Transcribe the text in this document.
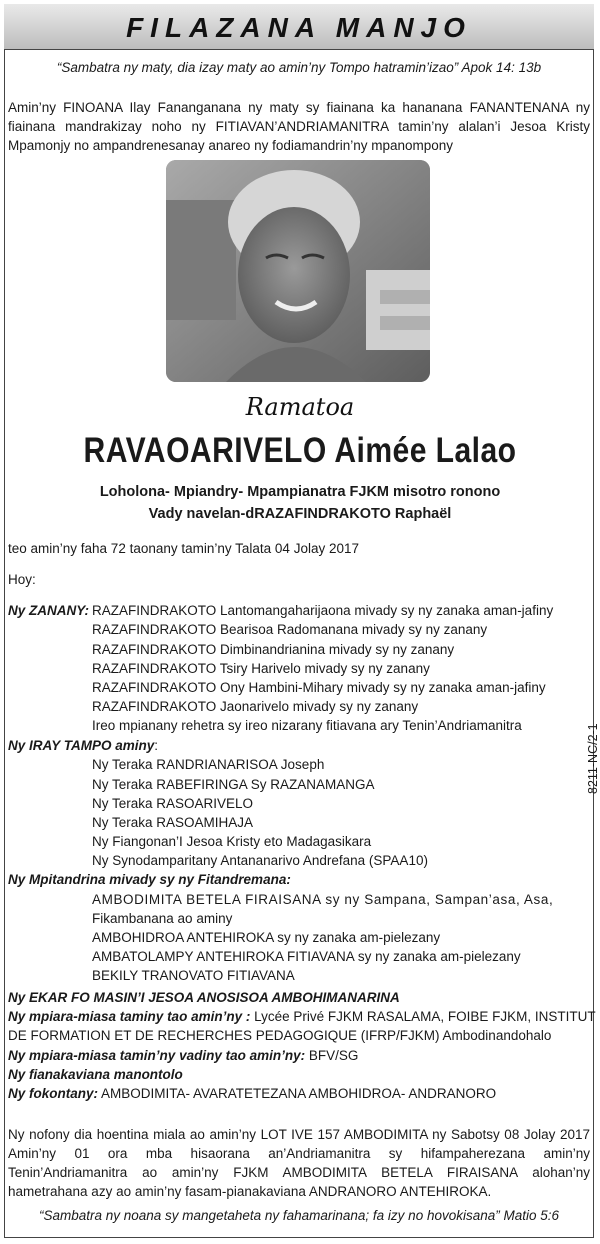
FILAZANA MANJO
“Sambatra ny maty, dia izay maty ao amin’ny Tompo hatramin’izao” Apok 14: 13b
Amin’ny FINOANA Ilay Fananganana ny maty sy fiainana ka hananana FANANTENANA ny fiainana mandrakizay noho ny FITIAVAN’ANDRIAMANITRA tamin’ny alalan’i Jesoa Kristy Mpamonjy no ampandrenesanay anareo ny fodiamandrin’ny mpanompony
Ramatoa
RAVAOARIVELO Aimée Lalao
Loholona- Mpiandry- Mpampianatra FJKM misotro ronono
Vady navelan-dRAZAFINDRAKOTO Raphaël
teo amin’ny faha 72 taonany tamin’ny Talata 04 Jolay 2017
Hoy:
Ny ZANANY: RAZAFINDRAKOTO Lantomangaharijaona mivady sy ny zanaka aman-jafiny
RAZAFINDRAKOTO Bearisoa Radomanana mivady sy ny zanany
RAZAFINDRAKOTO Dimbinandrianina mivady sy ny zanany
RAZAFINDRAKOTO Tsiry Harivelo mivady sy ny zanany
RAZAFINDRAKOTO Ony Hambini-Mihary mivady sy ny zanaka aman-jafiny
RAZAFINDRAKOTO Jaonarivelo mivady sy ny zanany
Ireo mpianany rehetra sy ireo nizarany fitiavana ary Tenin’Andriamanitra
Ny IRAY TAMPO aminy:
Ny Teraka RANDRIANARISOA Joseph
Ny Teraka RABEFIRINGA Sy RAZANAMANGA
Ny Teraka RASOARIVELO
Ny Teraka RASOAMIHAJA
Ny Fiangonan’I Jesoa Kristy eto Madagasikara
Ny Synodamparitany Antananarivo Andrefana (SPAA10)
Ny Mpitandrina mivady sy ny Fitandremana:
AMBODIMITA BETELA FIRAISANA sy ny Sampana, Sampan’asa, Asa,
Fikambanana ao aminy
AMBOHIDROA ANTEHIROKA sy ny zanaka am-pielezany
AMBATOLAMPY ANTEHIROKA FITIAVANA sy ny zanaka am-pielezany
BEKILY TRANOVATO FITIAVANA
Ny EKAR FO MASIN’I JESOA ANOSISOA AMBOHIMANARINA
Ny mpiara-miasa taminy tao amin’ny : Lycée Privé FJKM RASALAMA, FOIBE FJKM, INSTITUT
DE FORMATION ET DE RECHERCHES PEDAGOGIQUE (IFRP/FJKM) Ambodinandohalo
Ny mpiara-miasa tamin’ny vadiny tao amin’ny: BFV/SG
Ny fianakaviana manontolo
Ny fokontany: AMBODIMITA- AVARATETEZANA AMBOHIDROA- ANDRANORO
Ny nofony dia hoentina miala ao amin’ny LOT IVE 157 AMBODIMITA ny Sabotsy 08 Jolay 2017 Amin’ny 01 ora mba hisaorana an’Andriamanitra sy hifampaherezana amin’ny Tenin’Andriamanitra ao amin’ny FJKM AMBODIMITA BETELA FIRAISANA alohan’ny hametrahana azy ao amin’ny fasam-pianakaviana ANDRANORO ANTEHIROKA.
“Sambatra ny noana sy mangetaheta ny fahamarinana; fa izy no hovokisana” Matio 5:6
8211-NC/2-1
